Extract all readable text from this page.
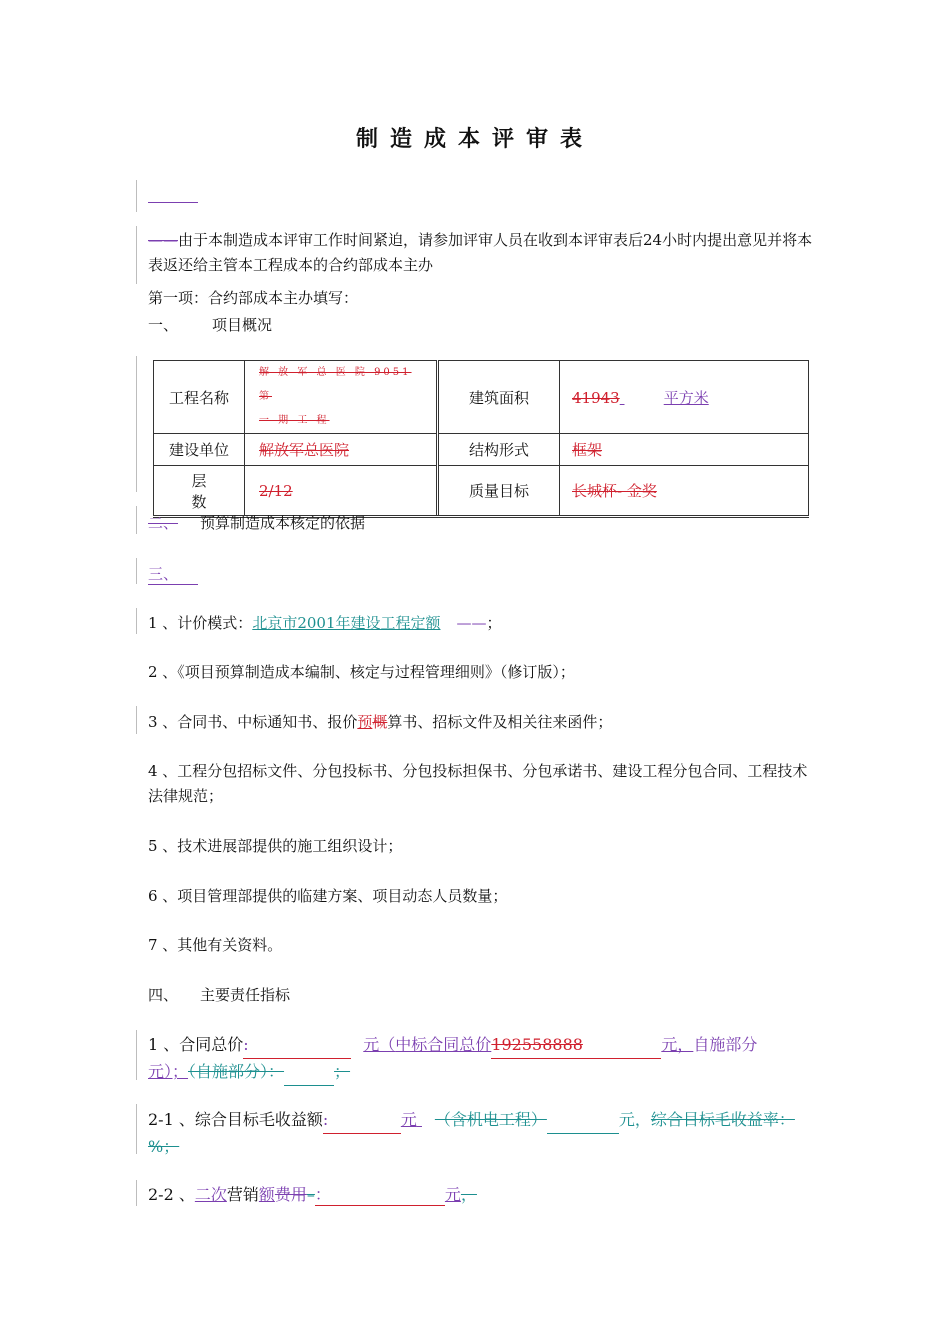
制造成本评审表
——由于本制造成本评审工作时间紧迫，请参加评审人员在收到本评审表后24小时内提出意见并将本表返还给主管本工程成本的合约部成本主办
第一项：合约部成本主办填写：
一、 项目概况
工程名称	解 放 军 总 医 院 9051 第
一 期 工 程	建筑面积	41943 平方米
建设单位	解放军总医院	结构形式	框架

层
数	2/12	质量目标	长城杯- 金奖
二、 预算制造成本核定的依据
三、
1 、计价模式：北京市2001年建设工程定额 ——；
2 、《项目预算制造成本编制、核定与过程管理细则》（修订版）；
3 、合同书、中标通知书、报价预概算书、招标文件及相关往来函件；
4 、工程分包招标文件、分包投标书、分包投标担保书、分包承诺书、建设工程分包合同、工程技术法律规范；
5 、技术进展部提供的施工组织设计；
6 、项目管理部提供的临建方案、项目动态人员数量；
7 、其他有关资料。
四、 主要责任指标
1 、合同总价:	元（中标合同总价192558888	元，自施部分
元）；（自施部分）：	；
2-1 、综合目标毛收益额:	元 （含机电工程）	元，综合目标毛收益率：
%；
2-2 、二次营销额费用–：	元，
